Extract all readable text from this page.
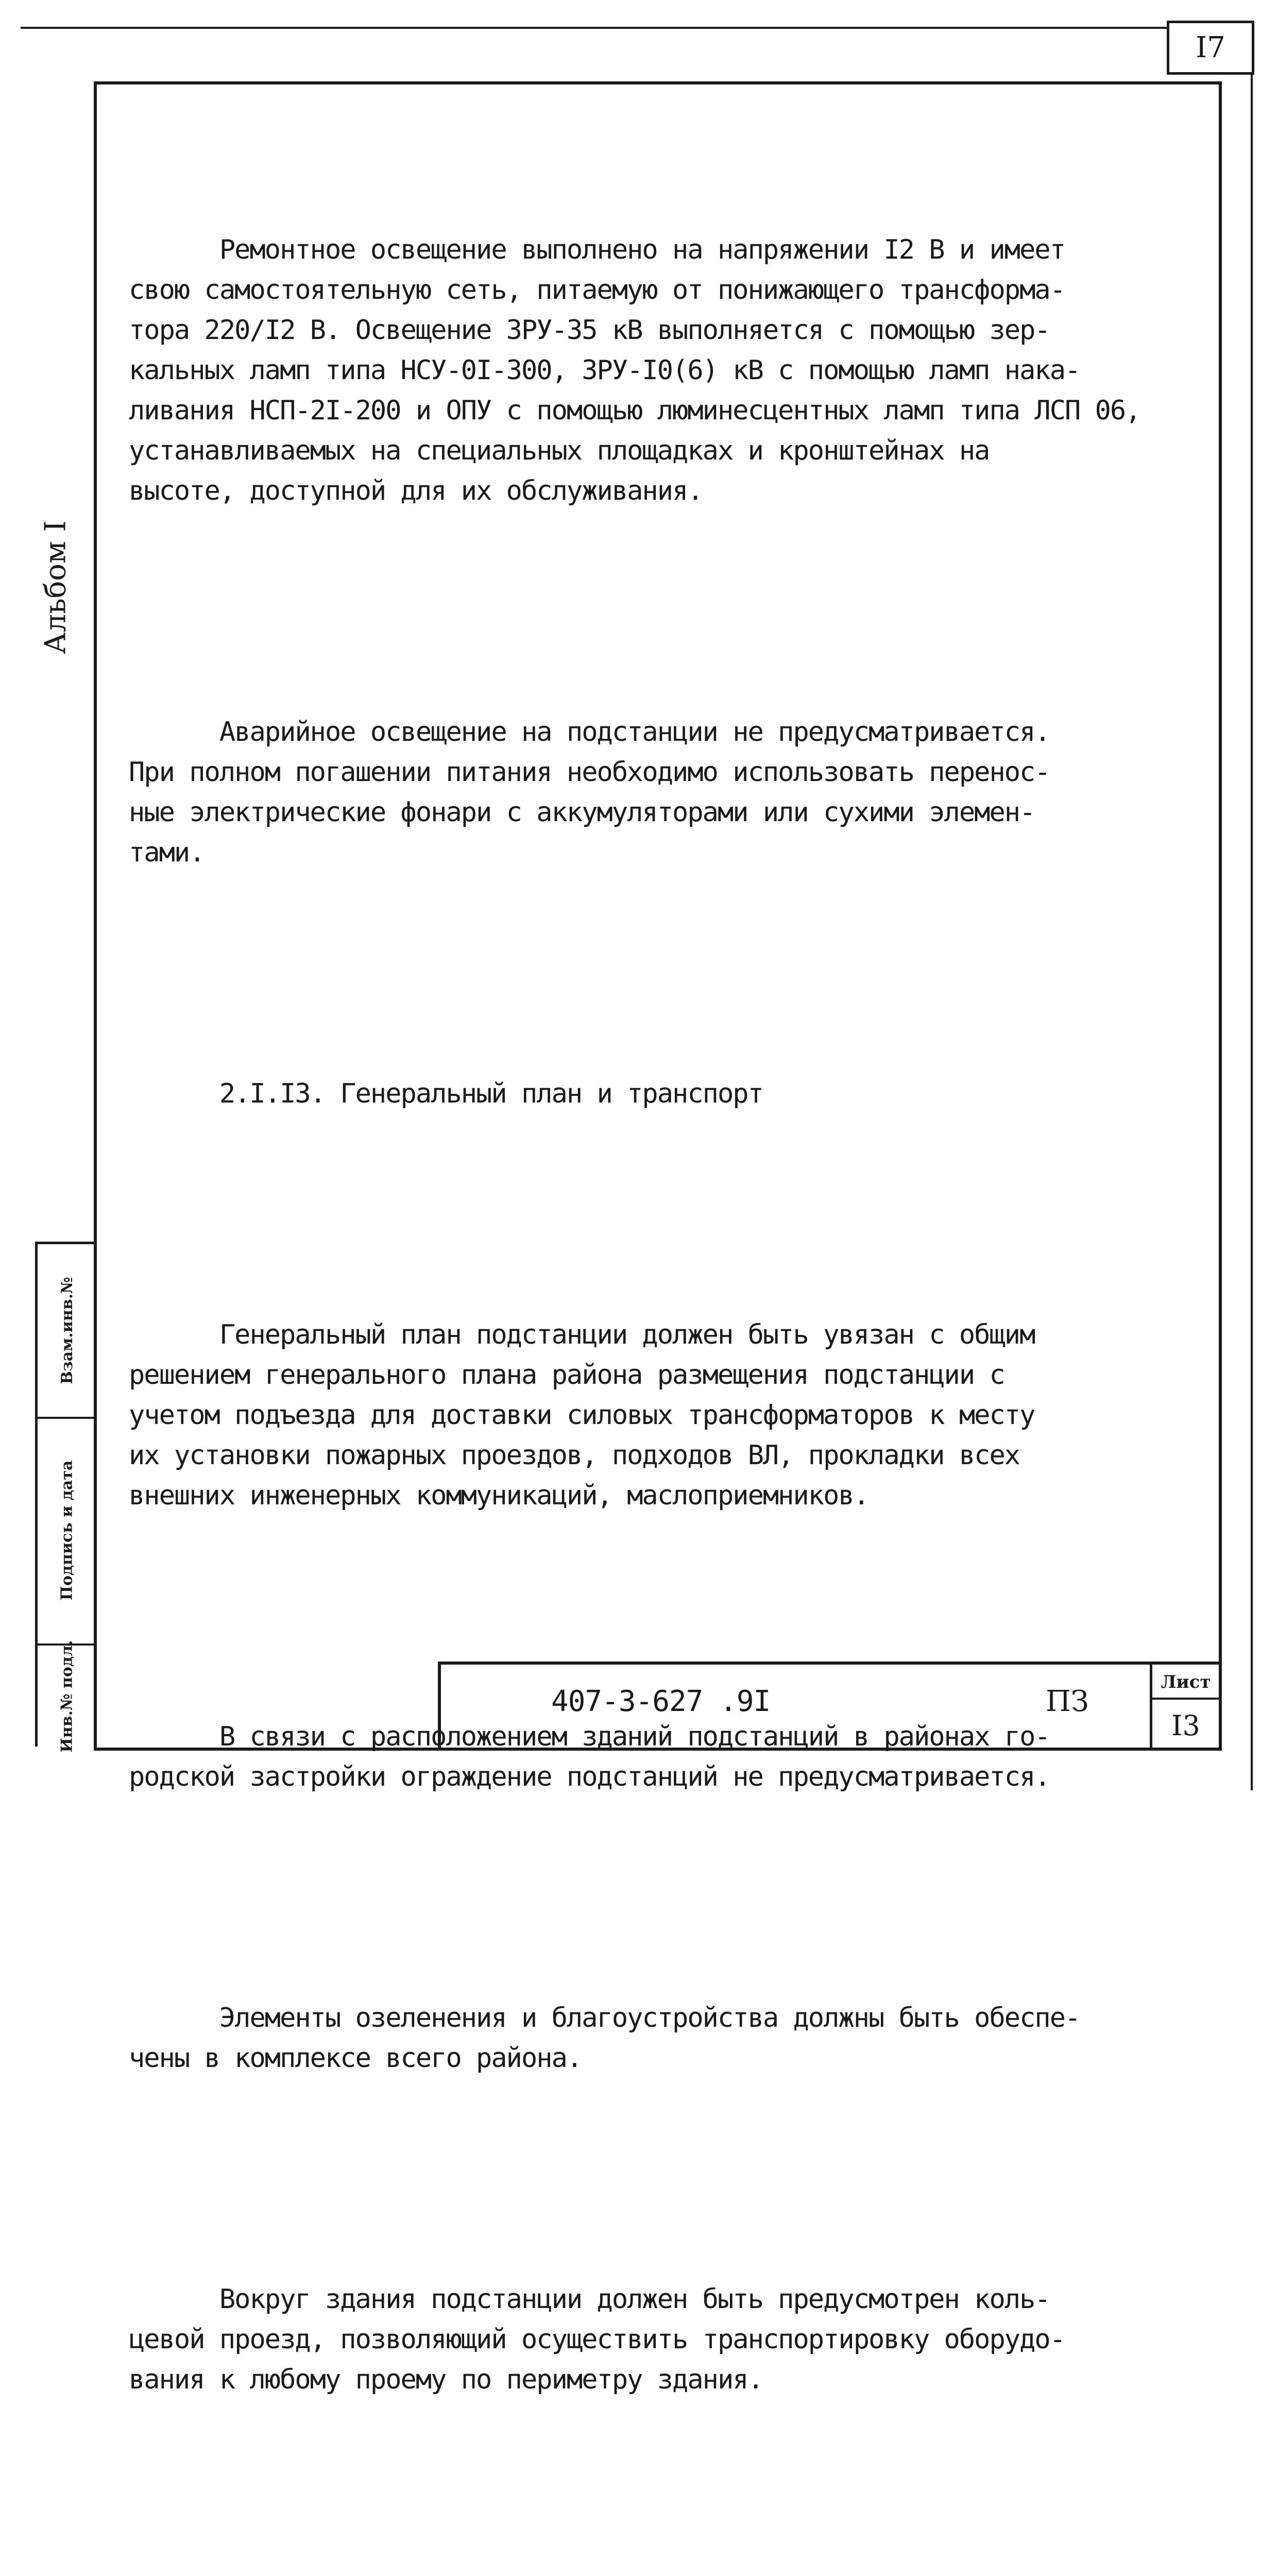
I7
Альбом I
Взам.инв.№
Подпись и дата
Инв.№ подл.

Ремонтное освещение выполнено на напряжении I2 В и имеет
свою самостоятельную сеть, питаемую от понижающего трансформа-
тора 220/I2 В. Освещение ЗРУ-35 кВ выполняется с помощью зер-
кальных ламп типа НСУ-0I-300, ЗРУ-I0(6) кВ с помощью ламп нака-
ливания НСП-2I-200 и ОПУ с помощью люминесцентных ламп типа ЛСП 06,
устанавливаемых на специальных площадках и кронштейнах на
высоте, доступной для их обслуживания.

Аварийное освещение на подстанции не предусматривается.
При полном погашении питания необходимо использовать перенос-
ные электрические фонари с аккумуляторами или сухими элемен-
тами.

2.I.I3. Генеральный план и транспорт

Генеральный план подстанции должен быть увязан с общим
решением генерального плана района размещения подстанции с
учетом подъезда для доставки силовых трансформаторов к месту
их установки пожарных проездов, подходов ВЛ, прокладки всех
внешних инженерных коммуникаций, маслоприемников.

В связи с расположением зданий подстанций в районах го-
родской застройки ограждение подстанций не предусматривается.

Элементы озеленения и благоустройства должны быть обеспе-
чены в комплексе всего района.

Вокруг здания подстанции должен быть предусмотрен коль-
цевой проезд, позволяющий осуществить транспортировку оборудо-
вания к любому проему по периметру здания.

407-3-627 .9I	ПЗ
Лист
I3
